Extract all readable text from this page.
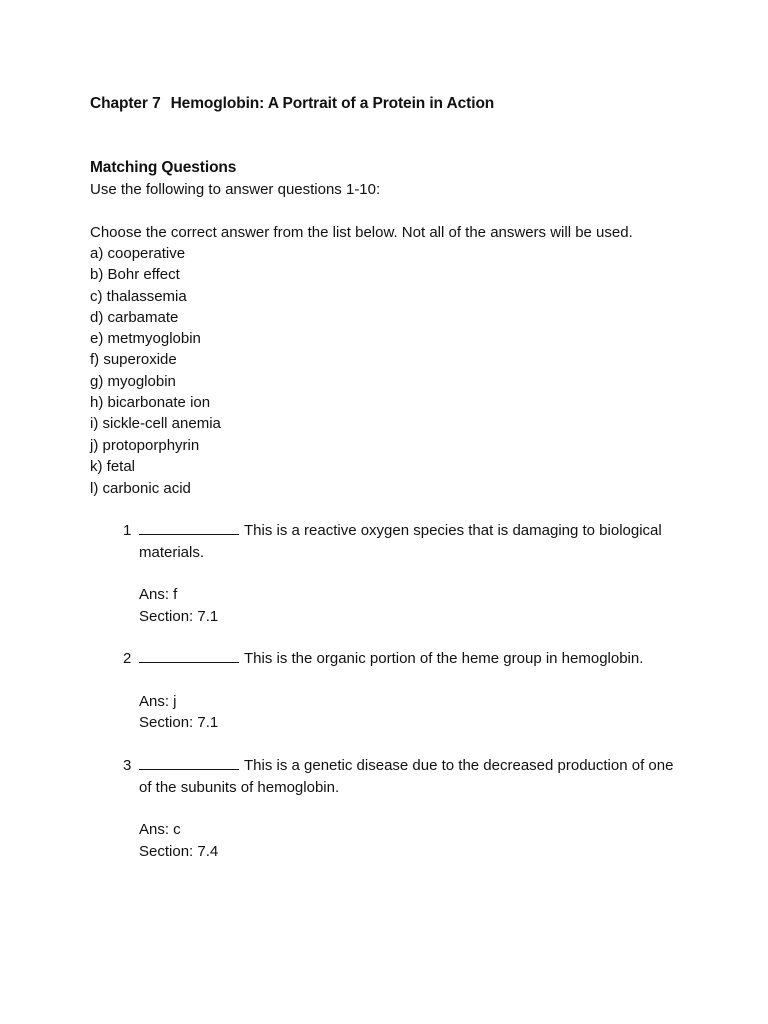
Chapter 7 Hemoglobin: A Portrait of a Protein in Action
Matching Questions
Use the following to answer questions 1-10:
Choose the correct answer from the list below. Not all of the answers will be used.
a) cooperative
b) Bohr effect
c) thalassemia
d) carbamate
e) metmyoglobin
f) superoxide
g) myoglobin
h) bicarbonate ion
i) sickle-cell anemia
j) protoporphyrin
k) fetal
l) carbonic acid
1	This is a reactive oxygen species that is damaging to biological materials.
Ans: f
Section: 7.1
2	This is the organic portion of the heme group in hemoglobin.
Ans: j
Section: 7.1
3	This is a genetic disease due to the decreased production of one of the subunits of hemoglobin.
Ans: c
Section: 7.4
